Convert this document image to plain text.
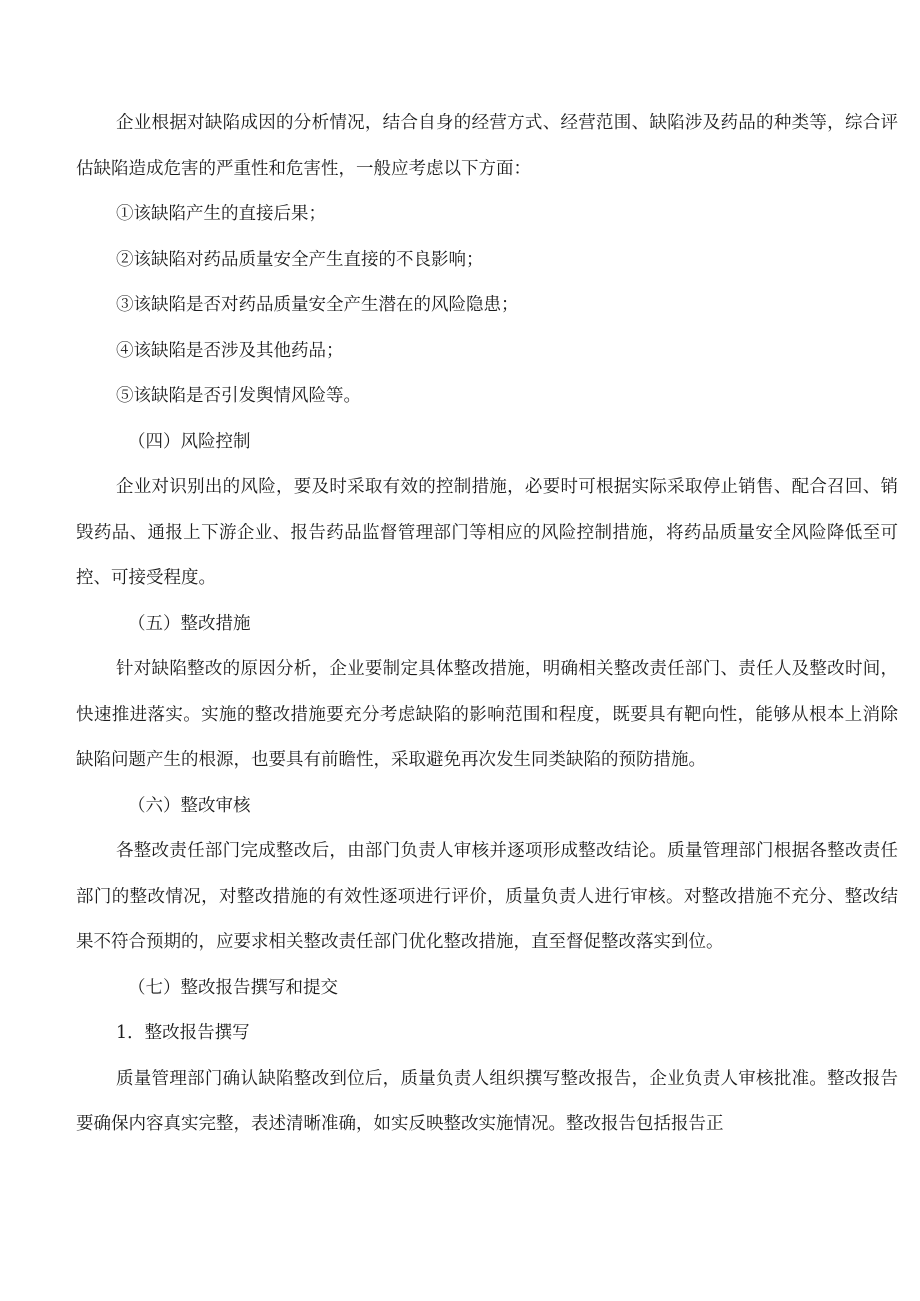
企业根据对缺陷成因的分析情况，结合自身的经营方式、经营范围、缺陷涉及药品的种类等，综合评估缺陷造成危害的严重性和危害性，一般应考虑以下方面：

①该缺陷产生的直接后果；

②该缺陷对药品质量安全产生直接的不良影响；

③该缺陷是否对药品质量安全产生潜在的风险隐患；

④该缺陷是否涉及其他药品；

⑤该缺陷是否引发舆情风险等。

（四）风险控制

企业对识别出的风险，要及时采取有效的控制措施，必要时可根据实际采取停止销售、配合召回、销毁药品、通报上下游企业、报告药品监督管理部门等相应的风险控制措施，将药品质量安全风险降低至可控、可接受程度。

（五）整改措施

针对缺陷整改的原因分析，企业要制定具体整改措施，明确相关整改责任部门、责任人及整改时间，快速推进落实。实施的整改措施要充分考虑缺陷的影响范围和程度，既要具有靶向性，能够从根本上消除缺陷问题产生的根源，也要具有前瞻性，采取避免再次发生同类缺陷的预防措施。

（六）整改审核

各整改责任部门完成整改后，由部门负责人审核并逐项形成整改结论。质量管理部门根据各整改责任部门的整改情况，对整改措施的有效性逐项进行评价，质量负责人进行审核。对整改措施不充分、整改结果不符合预期的，应要求相关整改责任部门优化整改措施，直至督促整改落实到位。

（七）整改报告撰写和提交

1．整改报告撰写

质量管理部门确认缺陷整改到位后，质量负责人组织撰写整改报告，企业负责人审核批准。整改报告要确保内容真实完整，表述清晰准确，如实反映整改实施情况。整改报告包括报告正
